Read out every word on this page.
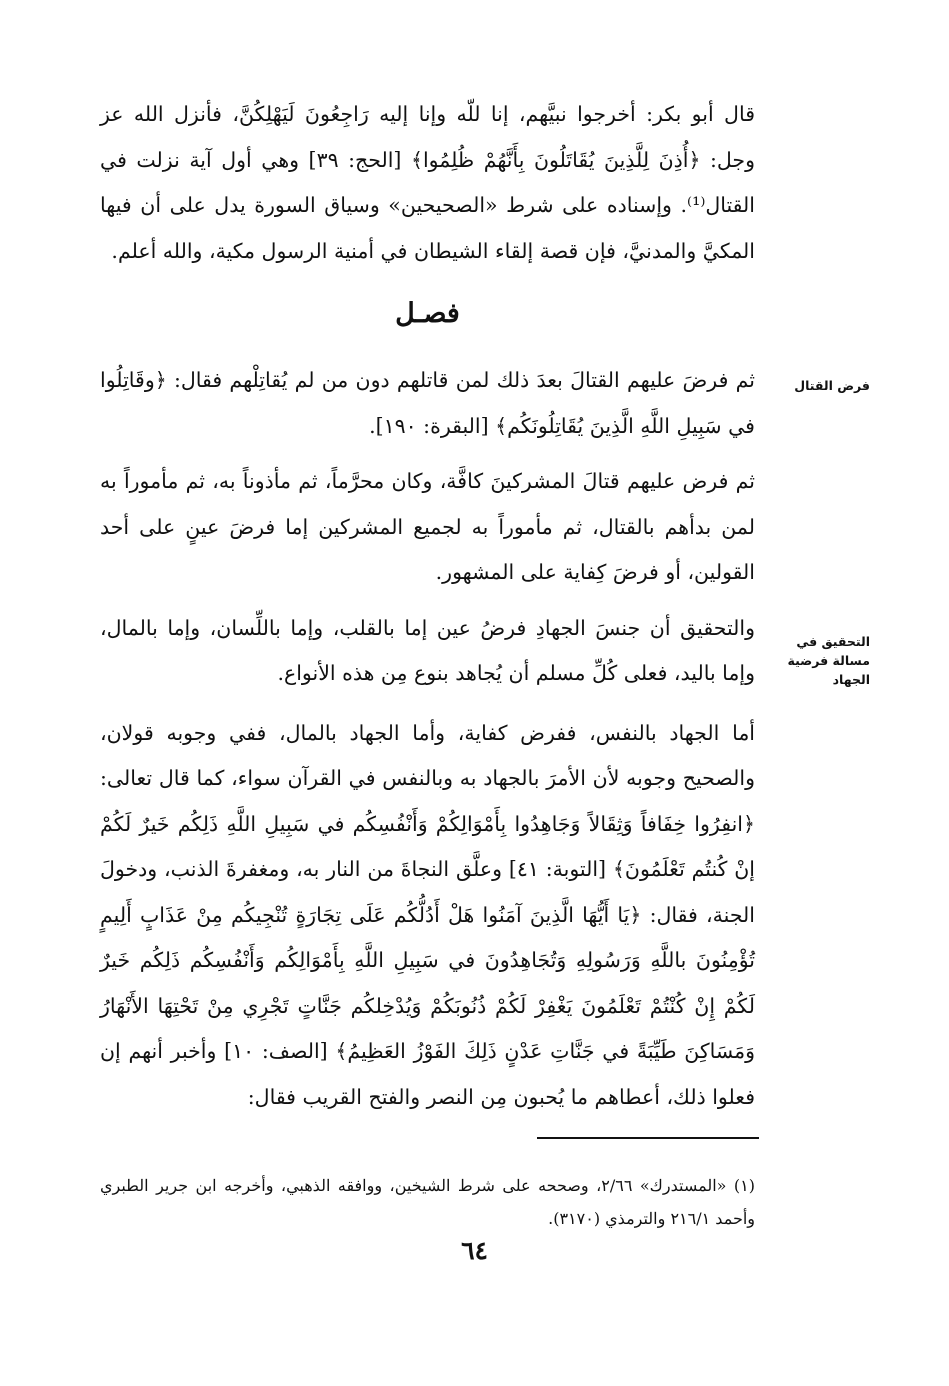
قال أبو بكر: أخرجوا نبيَّهم، إنا للّه وإنا إليه رَاجِعُونَ لَيَهْلِكُنَّ، فأنزل الله عز وجل: ﴿أُذِنَ لِلَّذِينَ يُقَاتَلُونَ بِأَنَّهُمْ ظُلِمُوا﴾ [الحج: ٣٩] وهي أول آية نزلت في القتال⁽¹⁾. وإسناده على شرط «الصحيحين» وسياق السورة يدل على أن فيها المكيَّ والمدنيَّ، فإن قصة إلقاء الشيطان في أمنية الرسول مكية، والله أعلم.

فصـل

ثم فرضَ عليهم القتالَ بعدَ ذلك لمن قاتلهم دون من لم يُقاتِلْهم فقال: ﴿وقَاتِلُوا في سَبِيلِ اللَّهِ الَّذِينَ يُقَاتِلُونَكُم﴾ [البقرة: ١٩٠].

ثم فرض عليهم قتالَ المشركينَ كافَّة، وكان محرَّماً، ثم مأذوناً به، ثم مأموراً به لمن بدأهم بالقتال، ثم مأموراً به لجميع المشركين إما فرضَ عينٍ على أحد القولين، أو فرضَ كِفاية على المشهور.

والتحقيق أن جنسَ الجهادِ فرضُ عين إما بالقلب، وإما باللِّسان، وإما بالمال، وإما باليد، فعلى كُلِّ مسلم أن يُجاهد بنوع مِن هذه الأنواع.

أما الجهاد بالنفس، ففرض كفاية، وأما الجهاد بالمال، ففي وجوبه قولان، والصحيح وجوبه لأن الأمرَ بالجهاد به وبالنفس في القرآن سواء، كما قال تعالى: ﴿انفِرُوا خِفَافاً وَثِقَالاً وَجَاهِدُوا بِأَمْوَالِكُمْ وَأَنْفُسِكُم في سَبِيلِ اللَّهِ ذَلِكُم خَيرٌ لَكُمْ إنْ كُنتُم تَعْلَمُونَ﴾ [التوبة: ٤١] وعلَّق النجاةَ من النار به، ومغفرةَ الذنب، ودخولَ الجنة، فقال: ﴿يَا أَيُّهَا الَّذِينَ آمَنُوا هَلْ أَدُلُّكُم عَلَى تِجَارَةٍ تُنْجِيكُم مِنْ عَذَابٍ أَلِيمٍ تُؤْمِنُونَ باللَّهِ وَرَسُولِهِ وَتُجَاهِدُونَ في سَبِيلِ اللَّهِ بِأَمْوَالِكُم وَأَنْفُسِكُم ذَلِكُم خَيرٌ لَكُمْ إِنْ كُنْتُمْ تَعْلَمُونَ يَغْفِرْ لَكُمْ ذُنُوبَكُمْ وَيُدْخِلكُم جَنَّاتٍ تَجْرِي مِنْ تَحْتِهَا الأَنْهَارُ وَمَسَاكِنَ طَيِّبَةً في جَنَّاتِ عَدْنٍ ذَلِكَ الفَوْزُ العَظِيمُ﴾ [الصف: ١٠] وأخبر أنهم إن فعلوا ذلك، أعطاهم ما يُحبون مِن النصر والفتح القريب فقال:

فرض القتال
التحقيق في مسالة فرضية الجهاد

(١) «المستدرك» ٢/٦٦، وصححه على شرط الشيخين، ووافقه الذهبي، وأخرجه ابن جرير الطبري وأحمد ٢١٦/١ والترمذي (٣١٧٠).

٦٤
